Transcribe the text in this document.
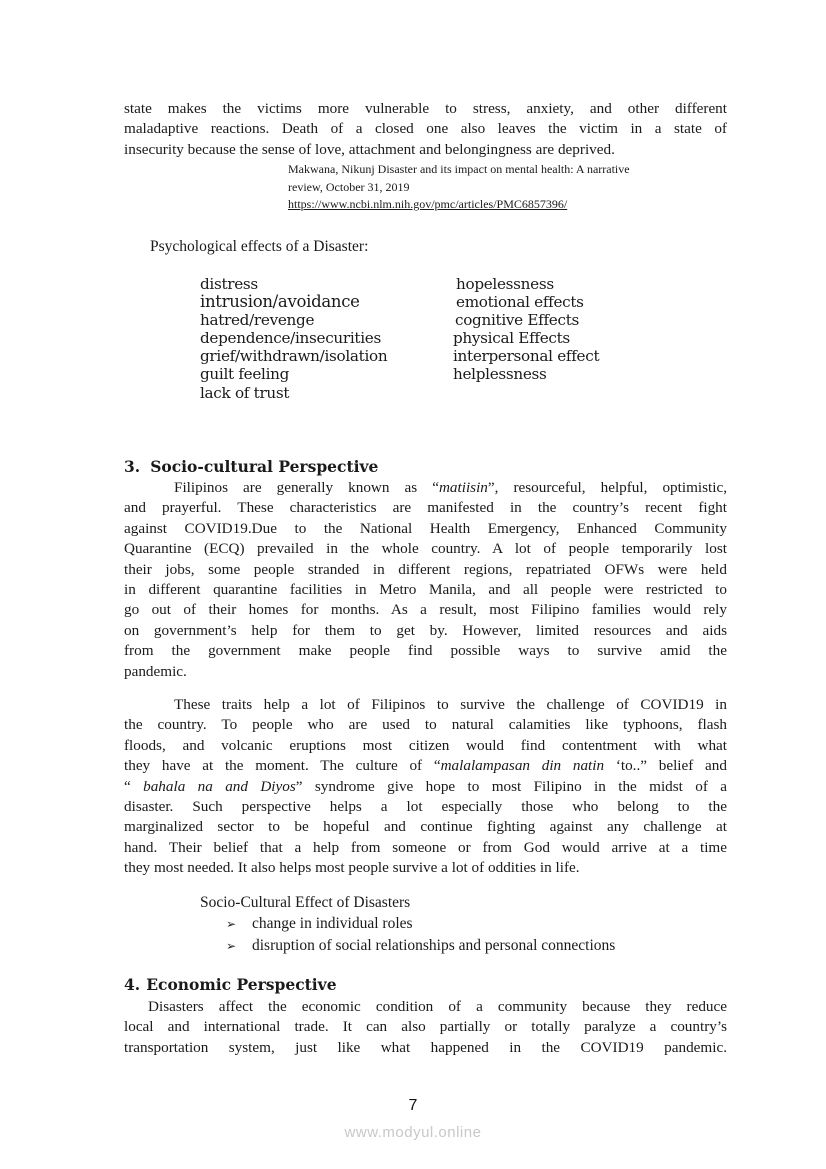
state makes the victims more vulnerable to stress, anxiety, and other different
maladaptive reactions. Death of a closed one also leaves the victim in a state of
insecurity because the sense of love, attachment and belongingness are deprived.
Makwana, Nikunj Disaster and its impact on mental health: A narrative
review, October 31, 2019
https://www.ncbi.nlm.nih.gov/pmc/articles/PMC6857396/
Psychological effects of a Disaster:
distress
intrusion/avoidance
hatred/revenge
dependence/insecurities
grief/withdrawn/isolation
guilt feeling
lack of trust
hopelessness
emotional effects
cognitive Effects
physical Effects
interpersonal effect
helplessness
3. Socio-cultural Perspective
Filipinos are generally known as “matiisin”, resourceful, helpful, optimistic,
and prayerful. These characteristics are manifested in the country’s recent fight
against COVID19.Due to the National Health Emergency, Enhanced Community
Quarantine (ECQ) prevailed in the whole country. A lot of people temporarily lost
their jobs, some people stranded in different regions, repatriated OFWs were held
in different quarantine facilities in Metro Manila, and all people were restricted to
go out of their homes for months. As a result, most Filipino families would rely
on government’s help for them to get by. However, limited resources and aids
from the government make people find possible ways to survive amid the
pandemic.
These traits help a lot of Filipinos to survive the challenge of COVID19 in
the country. To people who are used to natural calamities like typhoons, flash
floods, and volcanic eruptions most citizen would find contentment with what
they have at the moment. The culture of “malalampasan din natin ‘to..” belief and
“ bahala na and Diyos” syndrome give hope to most Filipino in the midst of a
disaster. Such perspective helps a lot especially those who belong to the
marginalized sector to be hopeful and continue fighting against any challenge at
hand. Their belief that a help from someone or from God would arrive at a time
they most needed. It also helps most people survive a lot of oddities in life.
Socio-Cultural Effect of Disasters
➢ change in individual roles
➢ disruption of social relationships and personal connections
4. Economic Perspective
Disasters affect the economic condition of a community because they reduce
local and international trade. It can also partially or totally paralyze a country’s
transportation system, just like what happened in the COVID19 pandemic.
7
www.modyul.online
